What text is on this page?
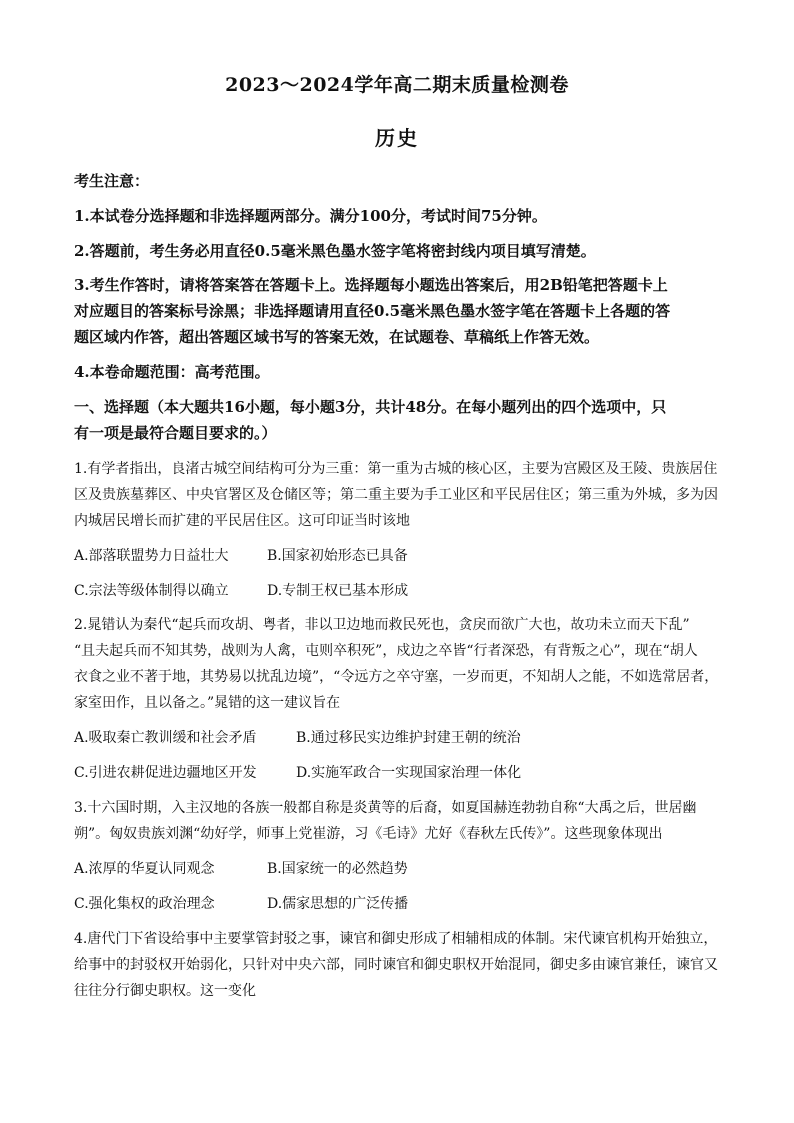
2023～2024学年高二期末质量检测卷
历史
考生注意：
1.本试卷分选择题和非选择题两部分。满分100分，考试时间75分钟。
2.答题前，考生务必用直径0.5毫米黑色墨水签字笔将密封线内项目填写清楚。
3.考生作答时，请将答案答在答题卡上。选择题每小题选出答案后，用2B铅笔把答题卡上
对应题目的答案标号涂黑；非选择题请用直径0.5毫米黑色墨水签字笔在答题卡上各题的答
题区域内作答，超出答题区域书写的答案无效，在试题卷、草稿纸上作答无效。
4.本卷命题范围：高考范围。
一、选择题（本大题共16小题，每小题3分，共计48分。在每小题列出的四个选项中，只
有一项是最符合题目要求的。）
1.有学者指出，良渚古城空间结构可分为三重：第一重为古城的核心区，主要为宫殿区及王陵、贵族居住
区及贵族墓葬区、中央官署区及仓储区等；第二重主要为手工业区和平民居住区；第三重为外城，多为因
内城居民增长而扩建的平民居住区。这可印证当时该地
A.部落联盟势力日益壮大	B.国家初始形态已具备
C.宗法等级体制得以确立	D.专制王权已基本形成
2.晁错认为秦代“起兵而攻胡、粤者，非以卫边地而救民死也，贪戾而欲广大也，故功未立而天下乱”
“且夫起兵而不知其势，战则为人禽，屯则卒积死”，戍边之卒皆“行者深恐，有背叛之心”，现在“胡人
衣食之业不著于地，其势易以扰乱边境”，“令远方之卒守塞，一岁而更，不知胡人之能，不如选常居者，
家室田作，且以备之。”晁错的这一建议旨在
A.吸取秦亡教训缓和社会矛盾	B.通过移民实边维护封建王朝的统治
C.引进农耕促进边疆地区开发	D.实施军政合一实现国家治理一体化
3.十六国时期，入主汉地的各族一般都自称是炎黄等的后裔，如夏国赫连勃勃自称“大禹之后，世居幽
朔”。匈奴贵族刘渊“幼好学，师事上党崔游，习《毛诗》尤好《春秋左氏传》”。这些现象体现出
A.浓厚的华夏认同观念	B.国家统一的必然趋势
C.强化集权的政治理念	D.儒家思想的广泛传播
4.唐代门下省设给事中主要掌管封驳之事，谏官和御史形成了相辅相成的体制。宋代谏官机构开始独立，
给事中的封驳权开始弱化，只针对中央六部，同时谏官和御史职权开始混同，御史多由谏官兼任，谏官又
往往分行御史职权。这一变化
